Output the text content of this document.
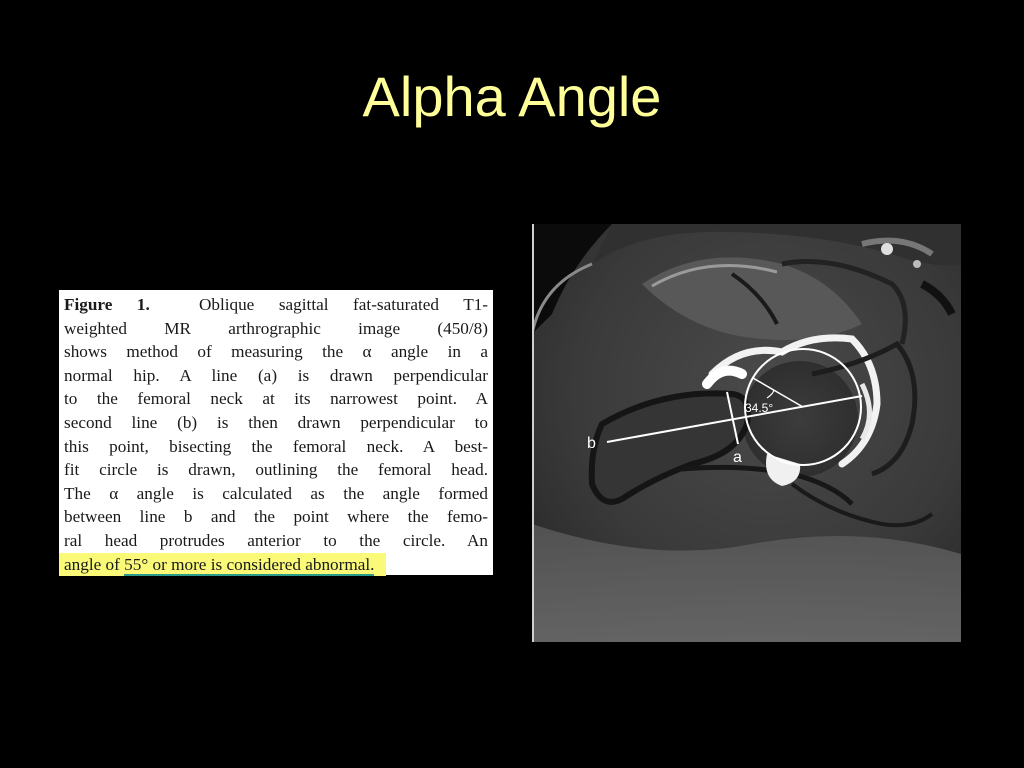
Alpha Angle
Figure 1.	Oblique sagittal fat-saturated T1-
weighted MR arthrographic image (450/8)
shows method of measuring the α angle in a
normal hip. A line (a) is drawn perpendicular
to the femoral neck at its narrowest point. A
second line (b) is then drawn perpendicular to
this point, bisecting the femoral neck. A best-
fit circle is drawn, outlining the femoral head.
The α angle is calculated as the angle formed
between line b and the point where the femo-
ral head protrudes anterior to the circle. An
angle of 55° or more is considered abnormal.
b
a
34.5°
